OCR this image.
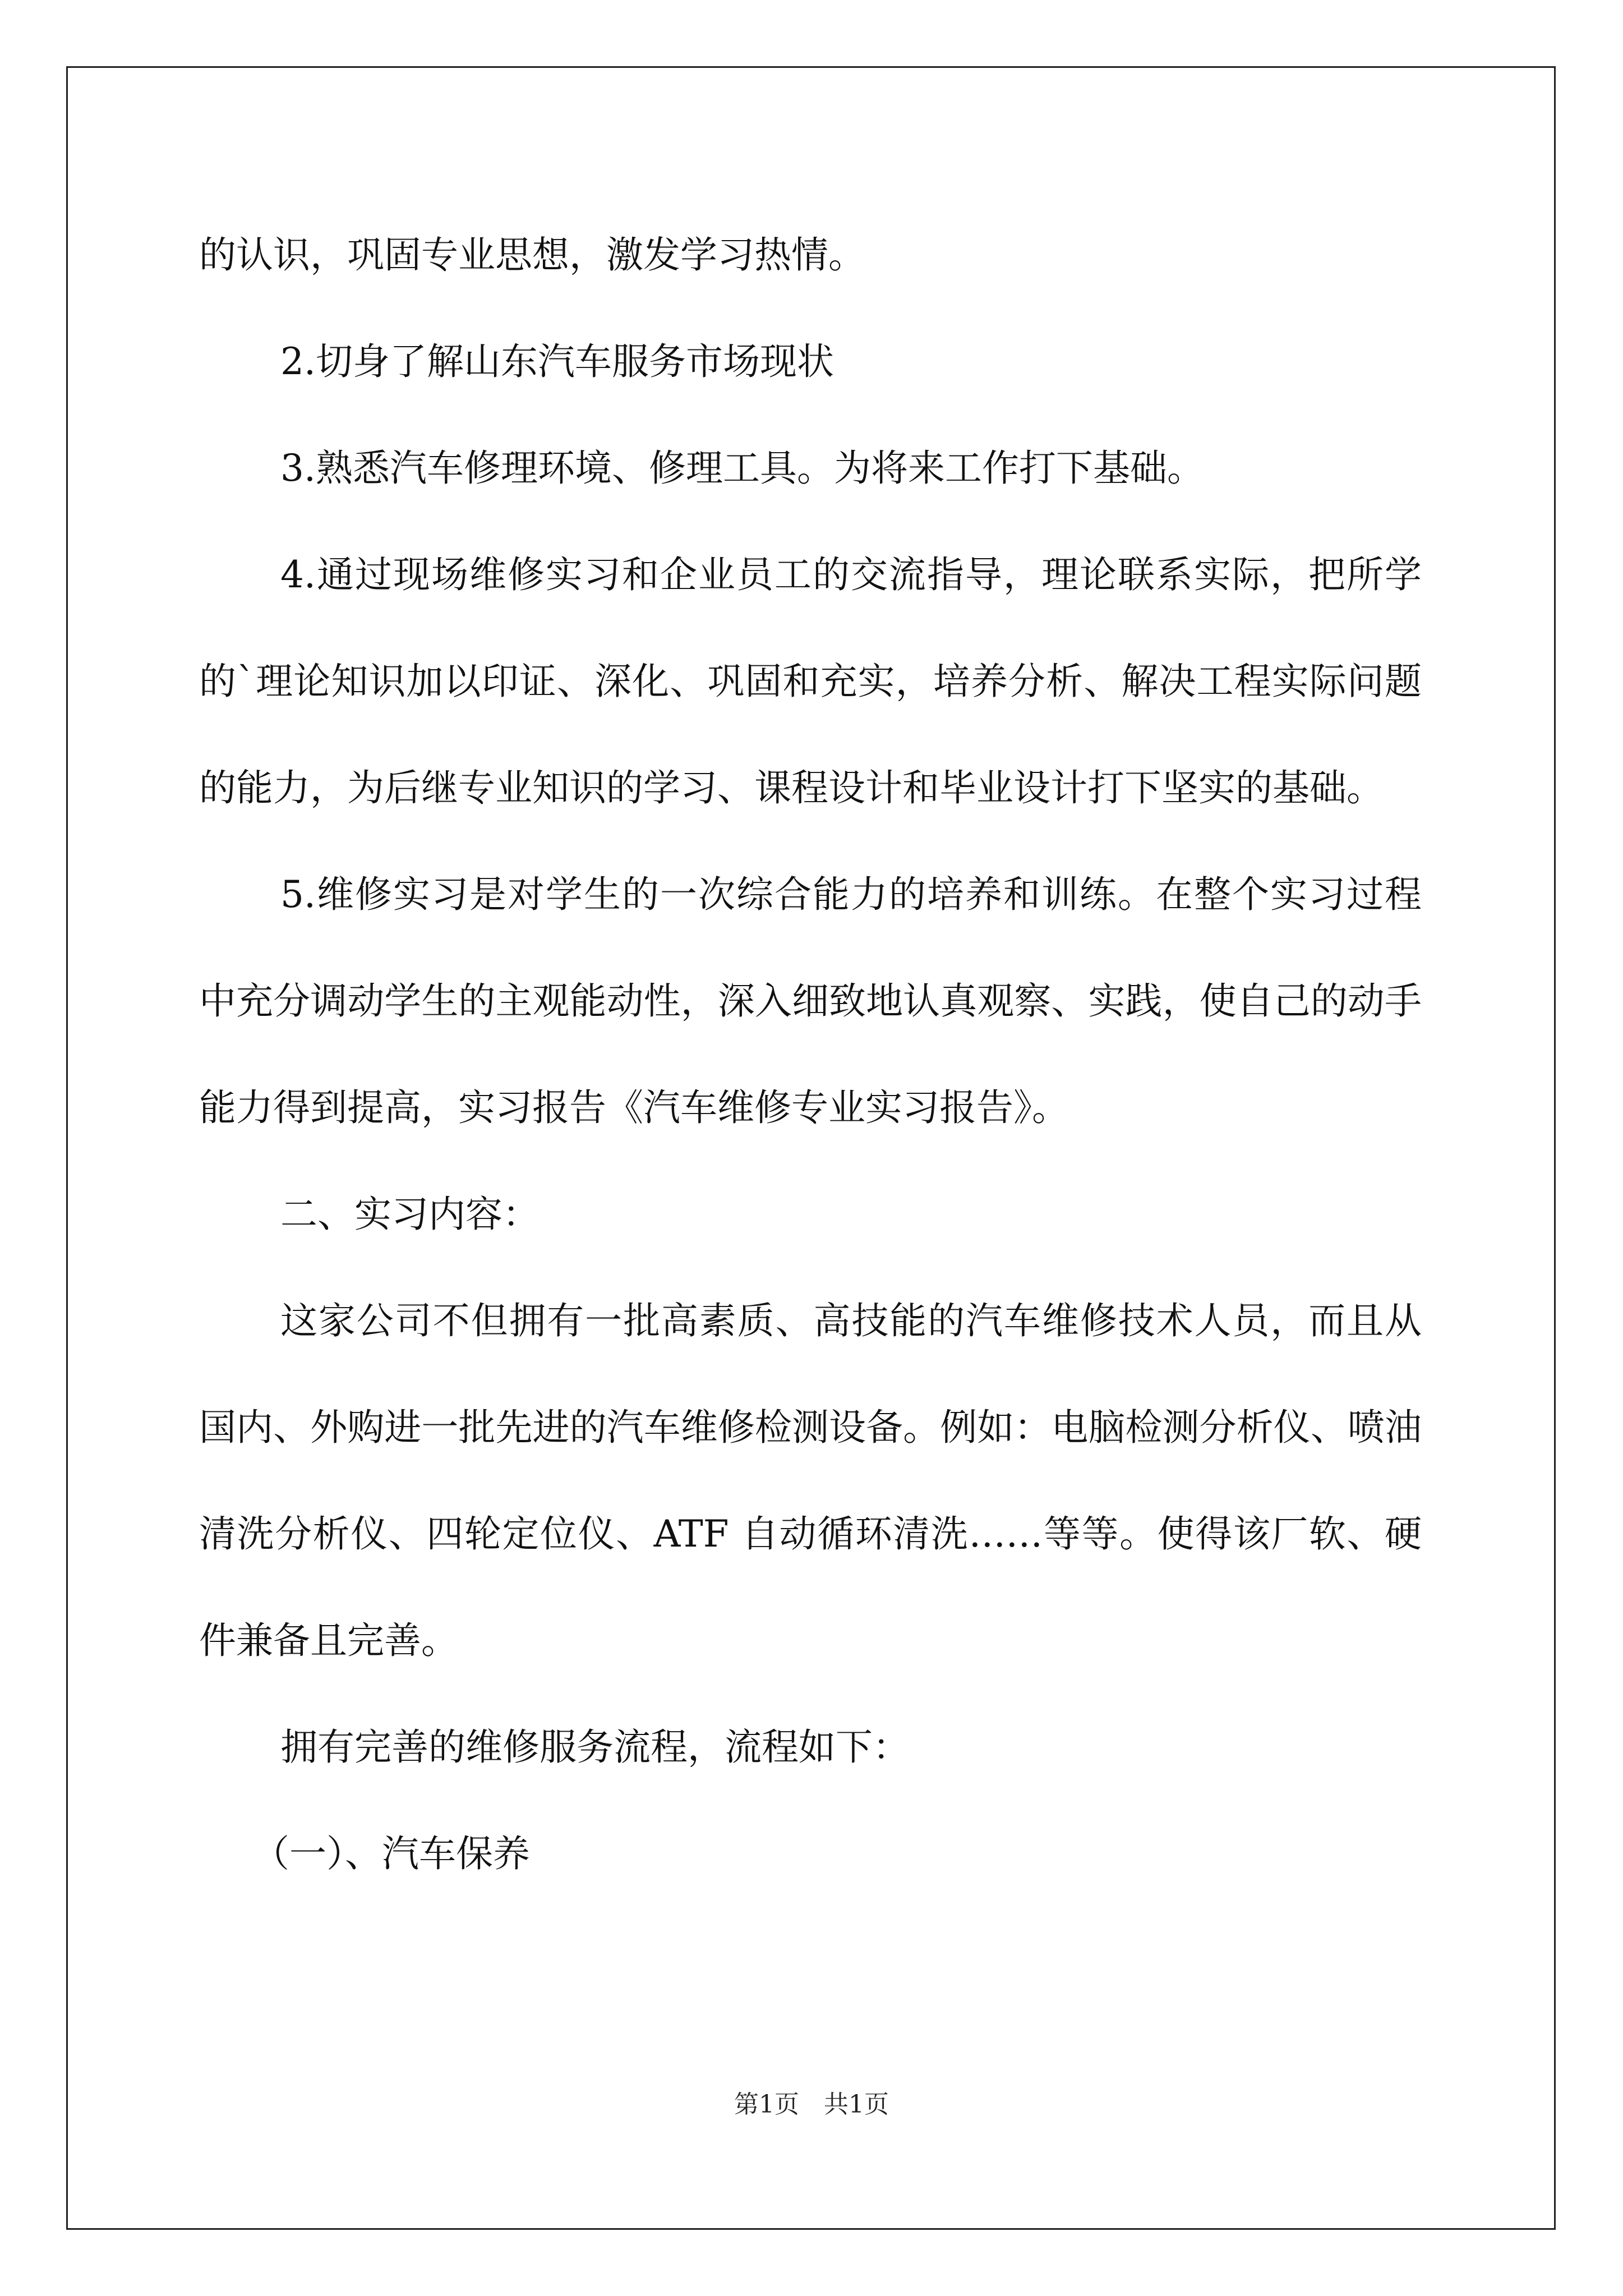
的认识，巩固专业思想，激发学习热情。

2.切身了解山东汽车服务市场现状

3.熟悉汽车修理环境、修理工具。为将来工作打下基础。

4.通过现场维修实习和企业员工的交流指导，理论联系实际，把所学的`理论知识加以印证、深化、巩固和充实，培养分析、解决工程实际问题的能力，为后继专业知识的学习、课程设计和毕业设计打下坚实的基础。

5.维修实习是对学生的一次综合能力的培养和训练。在整个实习过程中充分调动学生的主观能动性，深入细致地认真观察、实践，使自己的动手能力得到提高，实习报告《汽车维修专业实习报告》。

二、实习内容：

这家公司不但拥有一批高素质、高技能的汽车维修技术人员，而且从国内、外购进一批先进的汽车维修检测设备。例如：电脑检测分析仪、喷油清洗分析仪、四轮定位仪、ATF 自动循环清洗……等等。使得该厂软、硬件兼备且完善。

拥有完善的维修服务流程，流程如下：

（一）、汽车保养

第1页　共1页
